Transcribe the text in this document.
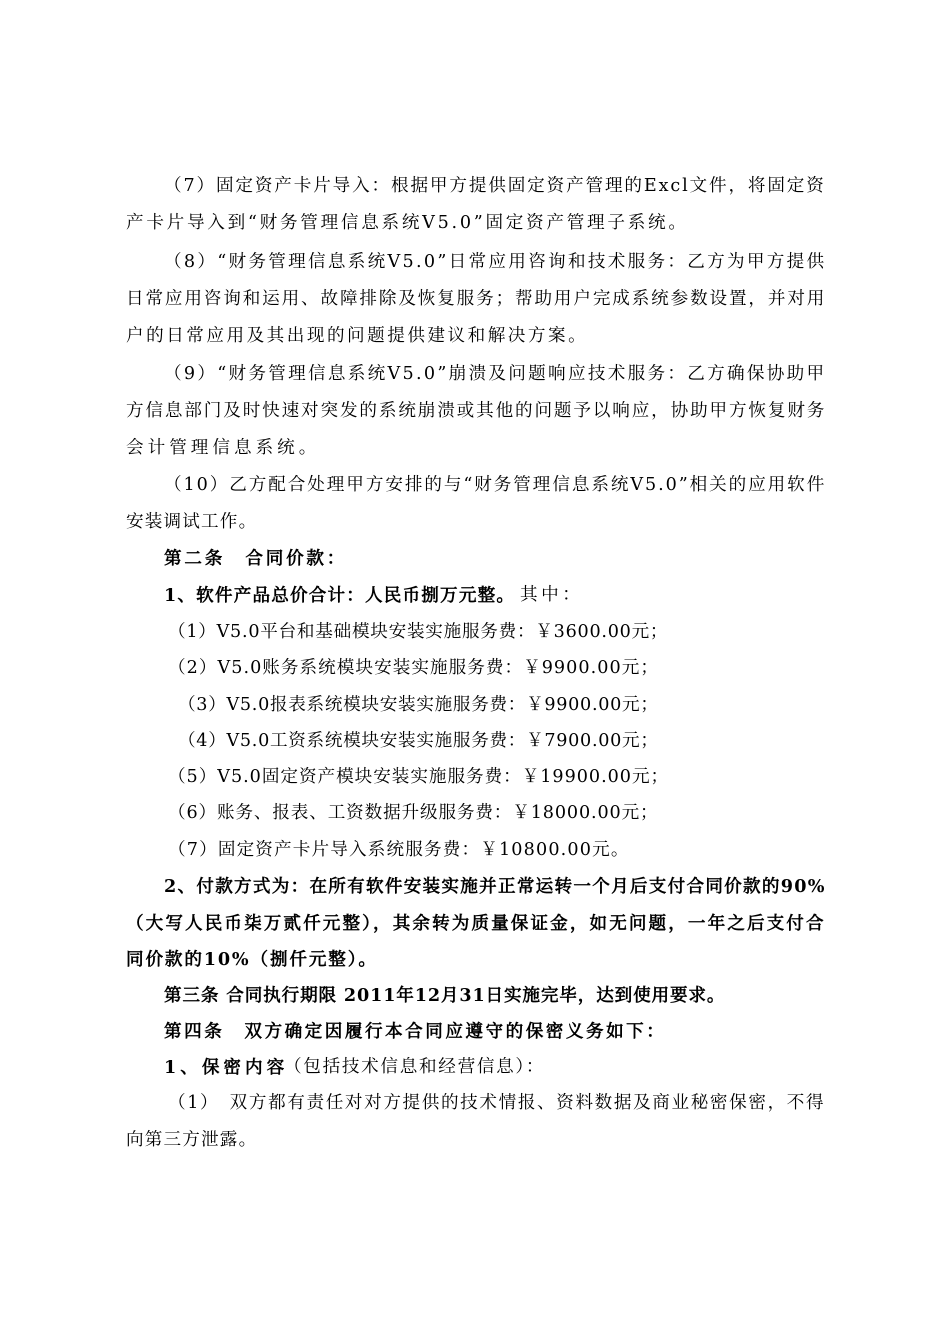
（7）固定资产卡片导入：根据甲方提供固定资产管理的Excl文件，将固定资
产卡片导入到“财务管理信息系统V5.0”固定资产管理子系统。
（8）“财务管理信息系统V5.0”日常应用咨询和技术服务：乙方为甲方提供
日常应用咨询和运用、故障排除及恢复服务；帮助用户完成系统参数设置，并对用
户的日常应用及其出现的问题提供建议和解决方案。
（9）“财务管理信息系统V5.0”崩溃及问题响应技术服务：乙方确保协助甲
方信息部门及时快速对突发的系统崩溃或其他的问题予以响应，协助甲方恢复财务
会计管理信息系统。
（10）乙方配合处理甲方安排的与“财务管理信息系统V5.0”相关的应用软件
安装调试工作。
第二条　合同价款：
1、软件产品总价合计：人民币捌万元整。 其中：
（1）V5.0平台和基础模块安装实施服务费：￥3600.00元；
（2）V5.0账务系统模块安装实施服务费：￥9900.00元；
（3）V5.0报表系统模块安装实施服务费：￥9900.00元；
（4）V5.0工资系统模块安装实施服务费：￥7900.00元；
（5）V5.0固定资产模块安装实施服务费：￥19900.00元；
（6）账务、报表、工资数据升级服务费：￥18000.00元；
（7）固定资产卡片导入系统服务费：￥10800.00元。
2、付款方式为：在所有软件安装实施并正常运转一个月后支付合同价款的90%
（大写人民币柒万贰仟元整），其余转为质量保证金，如无问题，一年之后支付合
同价款的10%（捌仟元整）。
第三条 合同执行期限 2011年12月31日实施完毕，达到使用要求。
第四条　双方确定因履行本合同应遵守的保密义务如下：
1、保密内容
（包括技术信息和经营信息）：
（1）　双方都有责任对对方提供的技术情报、资料数据及商业秘密保密，不得
向第三方泄露。
